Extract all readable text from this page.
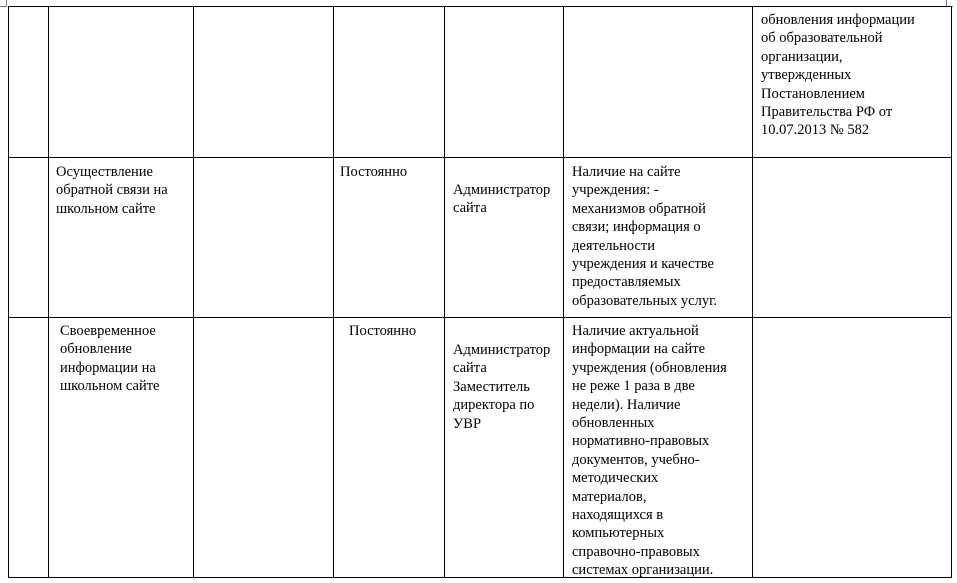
обновления информации
об образовательной
организации,
утвержденных
Постановлением
Правительства РФ от
10.07.2013 № 582
Осуществление
обратной связи на
школьном сайте
Постоянно
Администратор
сайта
Наличие на сайте
учреждения: -
механизмов обратной
связи; информация о
деятельности
учреждения и качестве
предоставляемых
образовательных услуг.
Своевременное
обновление
информации на
школьном сайте
Постоянно
Администратор
сайта
Заместитель
директора по
УВР
Наличие актуальной
информации на сайте
учреждения (обновления
не реже 1 раза в две
недели). Наличие
обновленных
нормативно-правовых
документов, учебно-
методических
материалов,
находящихся в
компьютерных
справочно-правовых
системах организации.
